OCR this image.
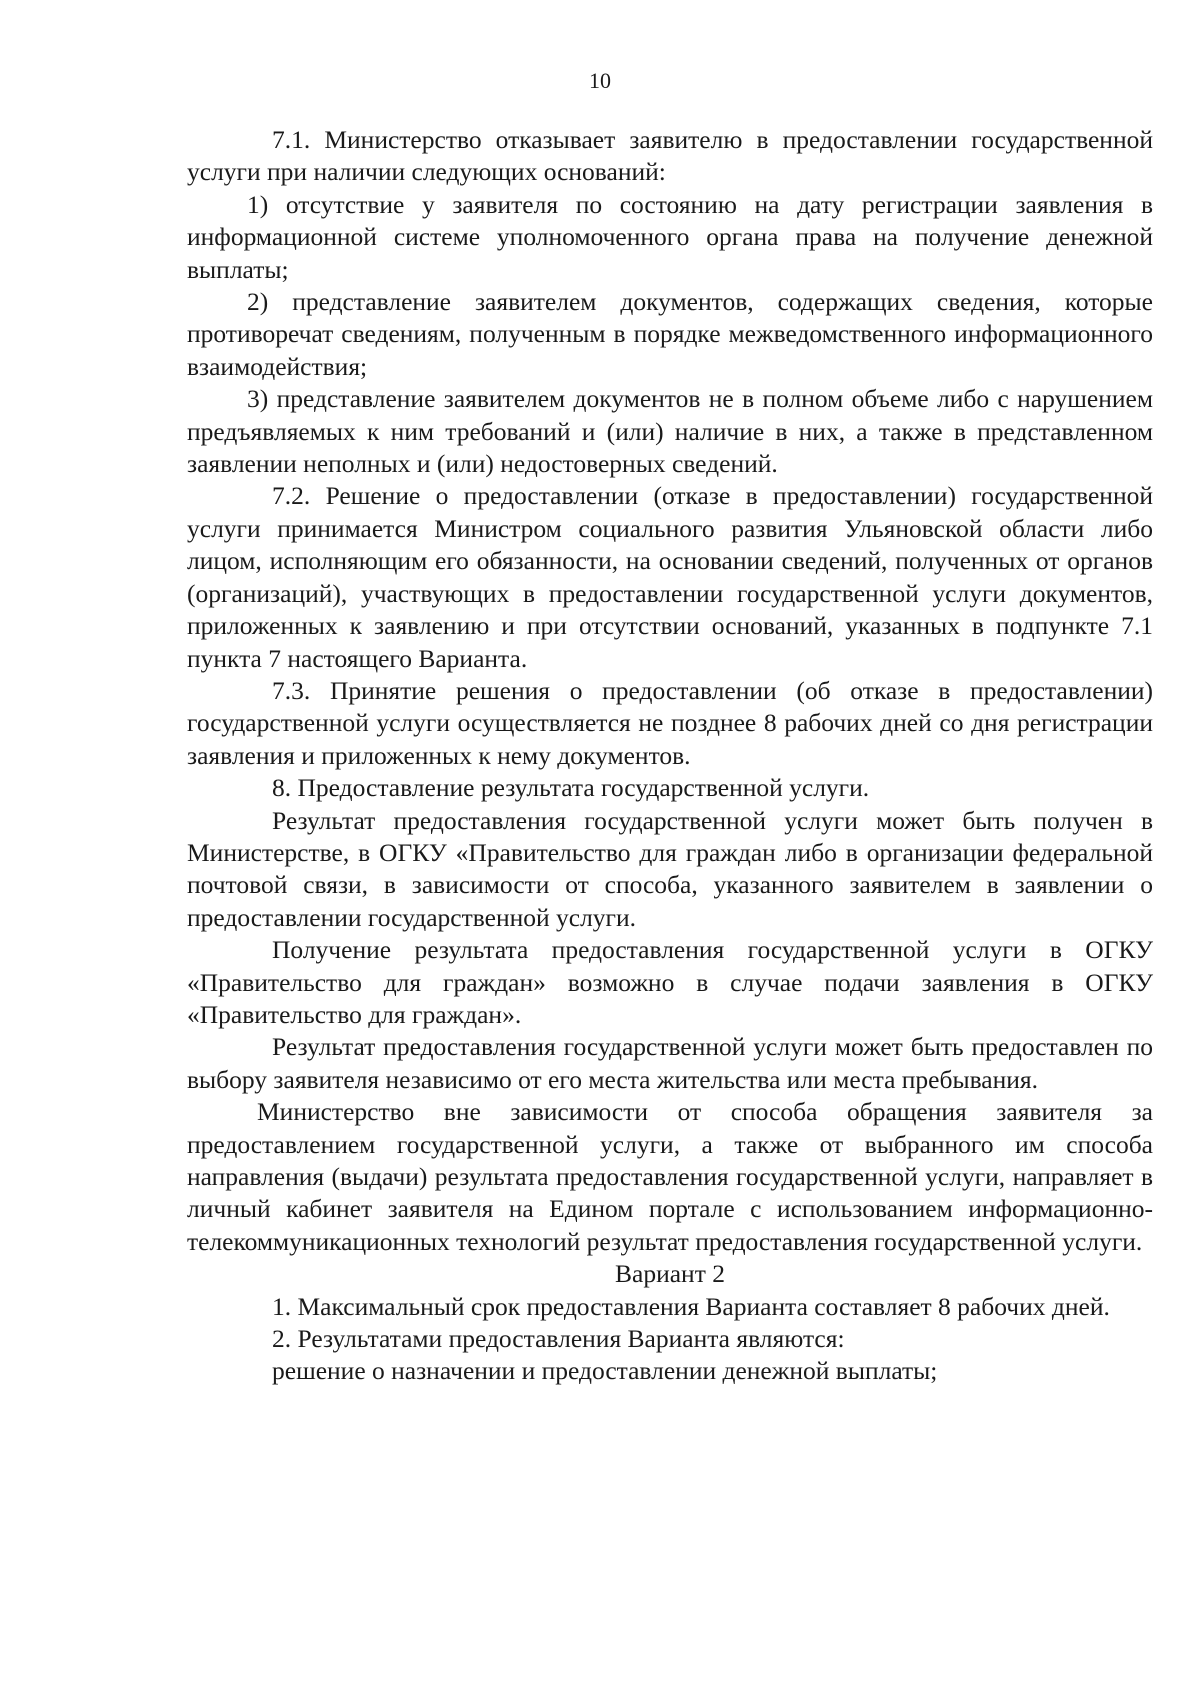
10

7.1. Министерство отказывает заявителю в предоставлении государственной услуги при наличии следующих оснований:

1) отсутствие у заявителя по состоянию на дату регистрации заявления в информационной системе уполномоченного органа права на получение денежной выплаты;

2) представление заявителем документов, содержащих сведения, которые противоречат сведениям, полученным в порядке межведомственного информационного взаимодействия;

3) представление заявителем документов не в полном объеме либо с нарушением предъявляемых к ним требований и (или) наличие в них, а также в представленном заявлении неполных и (или) недостоверных сведений.

7.2. Решение о предоставлении (отказе в предоставлении) государственной услуги принимается Министром социального развития Ульяновской области либо лицом, исполняющим его обязанности, на основании сведений, полученных от органов (организаций), участвующих в предоставлении государственной услуги документов, приложенных к заявлению и при отсутствии оснований, указанных в подпункте 7.1 пункта 7 настоящего Варианта.

7.3. Принятие решения о предоставлении (об отказе в предоставлении) государственной услуги осуществляется не позднее 8 рабочих дней со дня регистрации заявления и приложенных к нему документов.

8. Предоставление результата государственной услуги.

Результат предоставления государственной услуги может быть получен в Министерстве, в ОГКУ «Правительство для граждан либо в организации федеральной почтовой связи, в зависимости от способа, указанного заявителем в заявлении о предоставлении государственной услуги.

Получение результата предоставления государственной услуги в ОГКУ «Правительство для граждан» возможно в случае подачи заявления в ОГКУ «Правительство для граждан».

Результат предоставления государственной услуги может быть предоставлен по выбору заявителя независимо от его места жительства или места пребывания.

Министерство вне зависимости от способа обращения заявителя за предоставлением государственной услуги, а также от выбранного им способа направления (выдачи) результата предоставления государственной услуги, направляет в личный кабинет заявителя на Едином портале с использованием информационно-телекоммуникационных технологий результат предоставления государственной услуги.

Вариант 2

1. Максимальный срок предоставления Варианта составляет 8 рабочих дней.

2. Результатами предоставления Варианта являются:

решение о назначении и предоставлении денежной выплаты;
